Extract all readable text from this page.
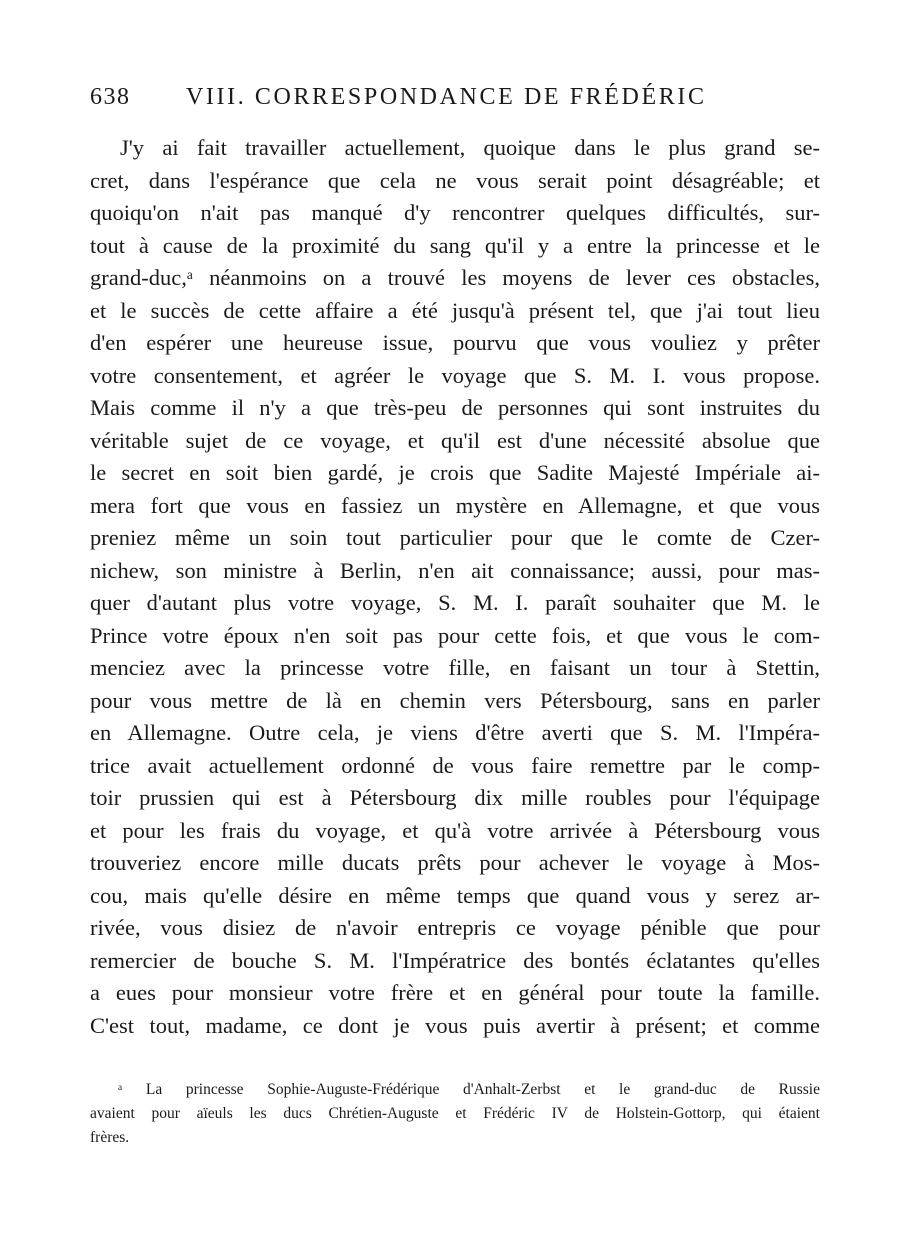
638 VIII. CORRESPONDANCE DE FRÉDÉRIC
J'y ai fait travailler actuellement, quoique dans le plus grand se-
cret, dans l'espérance que cela ne vous serait point désagréable; et
quoiqu'on n'ait pas manqué d'y rencontrer quelques difficultés, sur-
tout à cause de la proximité du sang qu'il y a entre la princesse et le
grand-duc,ᵃ néanmoins on a trouvé les moyens de lever ces obstacles,
et le succès de cette affaire a été jusqu'à présent tel, que j'ai tout lieu
d'en espérer une heureuse issue, pourvu que vous vouliez y prêter
votre consentement, et agréer le voyage que S. M. I. vous propose.
Mais comme il n'y a que très-peu de personnes qui sont instruites du
véritable sujet de ce voyage, et qu'il est d'une nécessité absolue que
le secret en soit bien gardé, je crois que Sadite Majesté Impériale ai-
mera fort que vous en fassiez un mystère en Allemagne, et que vous
preniez même un soin tout particulier pour que le comte de Czer-
nichew, son ministre à Berlin, n'en ait connaissance; aussi, pour mas-
quer d'autant plus votre voyage, S. M. I. paraît souhaiter que M. le
Prince votre époux n'en soit pas pour cette fois, et que vous le com-
menciez avec la princesse votre fille, en faisant un tour à Stettin,
pour vous mettre de là en chemin vers Pétersbourg, sans en parler
en Allemagne. Outre cela, je viens d'être averti que S. M. l'Impéra-
trice avait actuellement ordonné de vous faire remettre par le comp-
toir prussien qui est à Pétersbourg dix mille roubles pour l'équipage
et pour les frais du voyage, et qu'à votre arrivée à Pétersbourg vous
trouveriez encore mille ducats prêts pour achever le voyage à Mos-
cou, mais qu'elle désire en même temps que quand vous y serez ar-
rivée, vous disiez de n'avoir entrepris ce voyage pénible que pour
remercier de bouche S. M. l'Impératrice des bontés éclatantes qu'elles
a eues pour monsieur votre frère et en général pour toute la famille.
C'est tout, madame, ce dont je vous puis avertir à présent; et comme
ᵃ La princesse Sophie-Auguste-Frédérique d'Anhalt-Zerbst et le grand-duc de Russie
avaient pour aïeuls les ducs Chrétien-Auguste et Frédéric IV de Holstein-Gottorp, qui étaient
frères.
